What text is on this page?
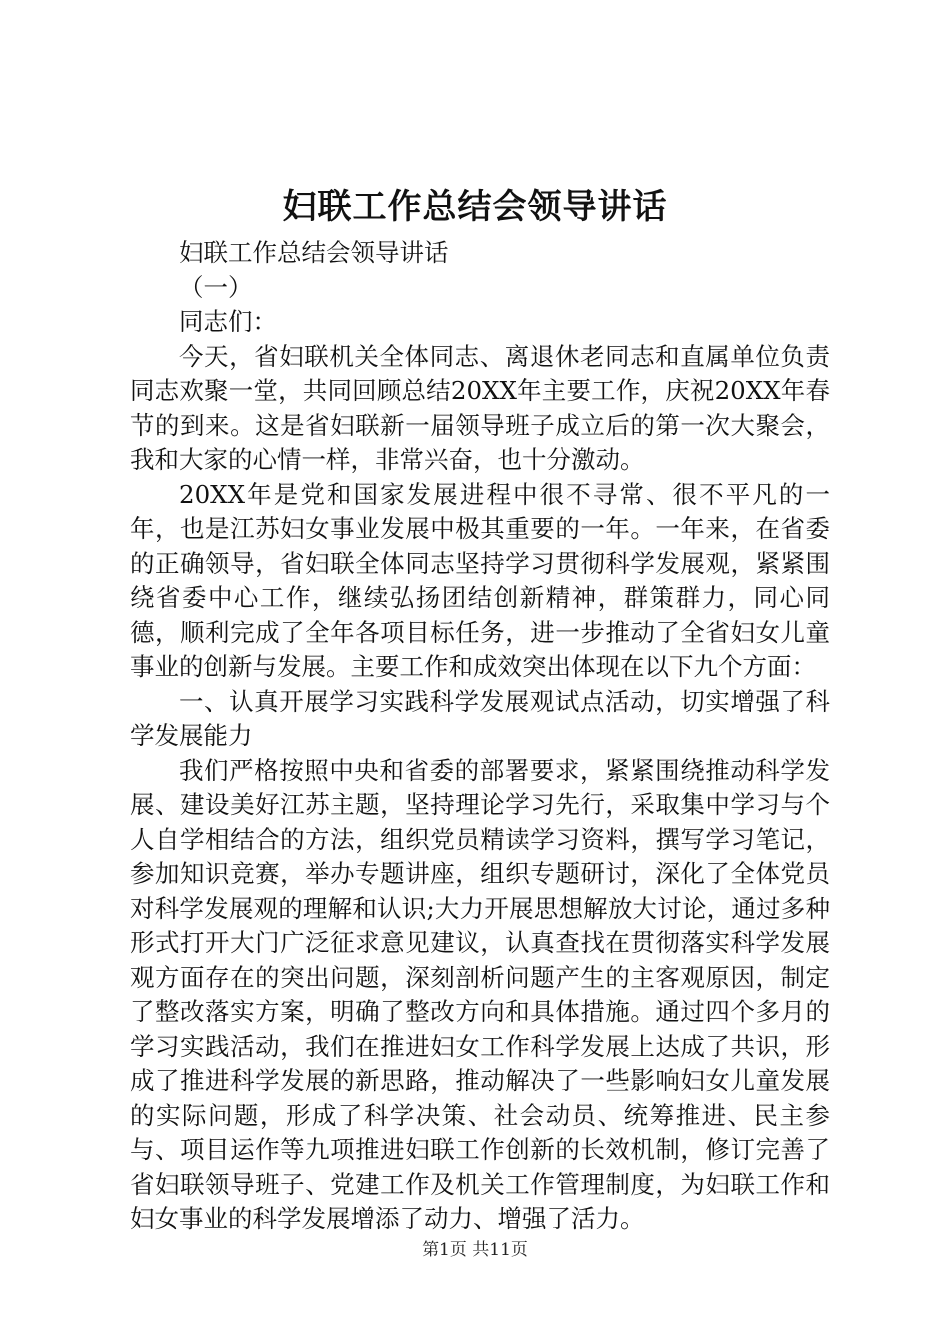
妇联工作总结会领导讲话

妇联工作总结会领导讲话

（一）

同志们：

今天，省妇联机关全体同志、离退休老同志和直属单位负责同志欢聚一堂，共同回顾总结20XX年主要工作，庆祝20XX年春节的到来。这是省妇联新一届领导班子成立后的第一次大聚会，我和大家的心情一样，非常兴奋，也十分激动。

20XX年是党和国家发展进程中很不寻常、很不平凡的一年，也是江苏妇女事业发展中极其重要的一年。一年来，在省委的正确领导，省妇联全体同志坚持学习贯彻科学发展观，紧紧围绕省委中心工作，继续弘扬团结创新精神，群策群力，同心同德，顺利完成了全年各项目标任务，进一步推动了全省妇女儿童事业的创新与发展。主要工作和成效突出体现在以下九个方面：

一、认真开展学习实践科学发展观试点活动，切实增强了科学发展能力

我们严格按照中央和省委的部署要求，紧紧围绕推动科学发展、建设美好江苏主题，坚持理论学习先行，采取集中学习与个人自学相结合的方法，组织党员精读学习资料，撰写学习笔记，参加知识竞赛，举办专题讲座，组织专题研讨，深化了全体党员对科学发展观的理解和认识;大力开展思想解放大讨论，通过多种形式打开大门广泛征求意见建议，认真查找在贯彻落实科学发展观方面存在的突出问题，深刻剖析问题产生的主客观原因，制定了整改落实方案，明确了整改方向和具体措施。通过四个多月的学习实践活动，我们在推进妇女工作科学发展上达成了共识，形成了推进科学发展的新思路，推动解决了一些影响妇女儿童发展的实际问题，形成了科学决策、社会动员、统筹推进、民主参与、项目运作等九项推进妇联工作创新的长效机制，修订完善了省妇联领导班子、党建工作及机关工作管理制度，为妇联工作和妇女事业的科学发展增添了动力、增强了活力。

第1页 共11页
